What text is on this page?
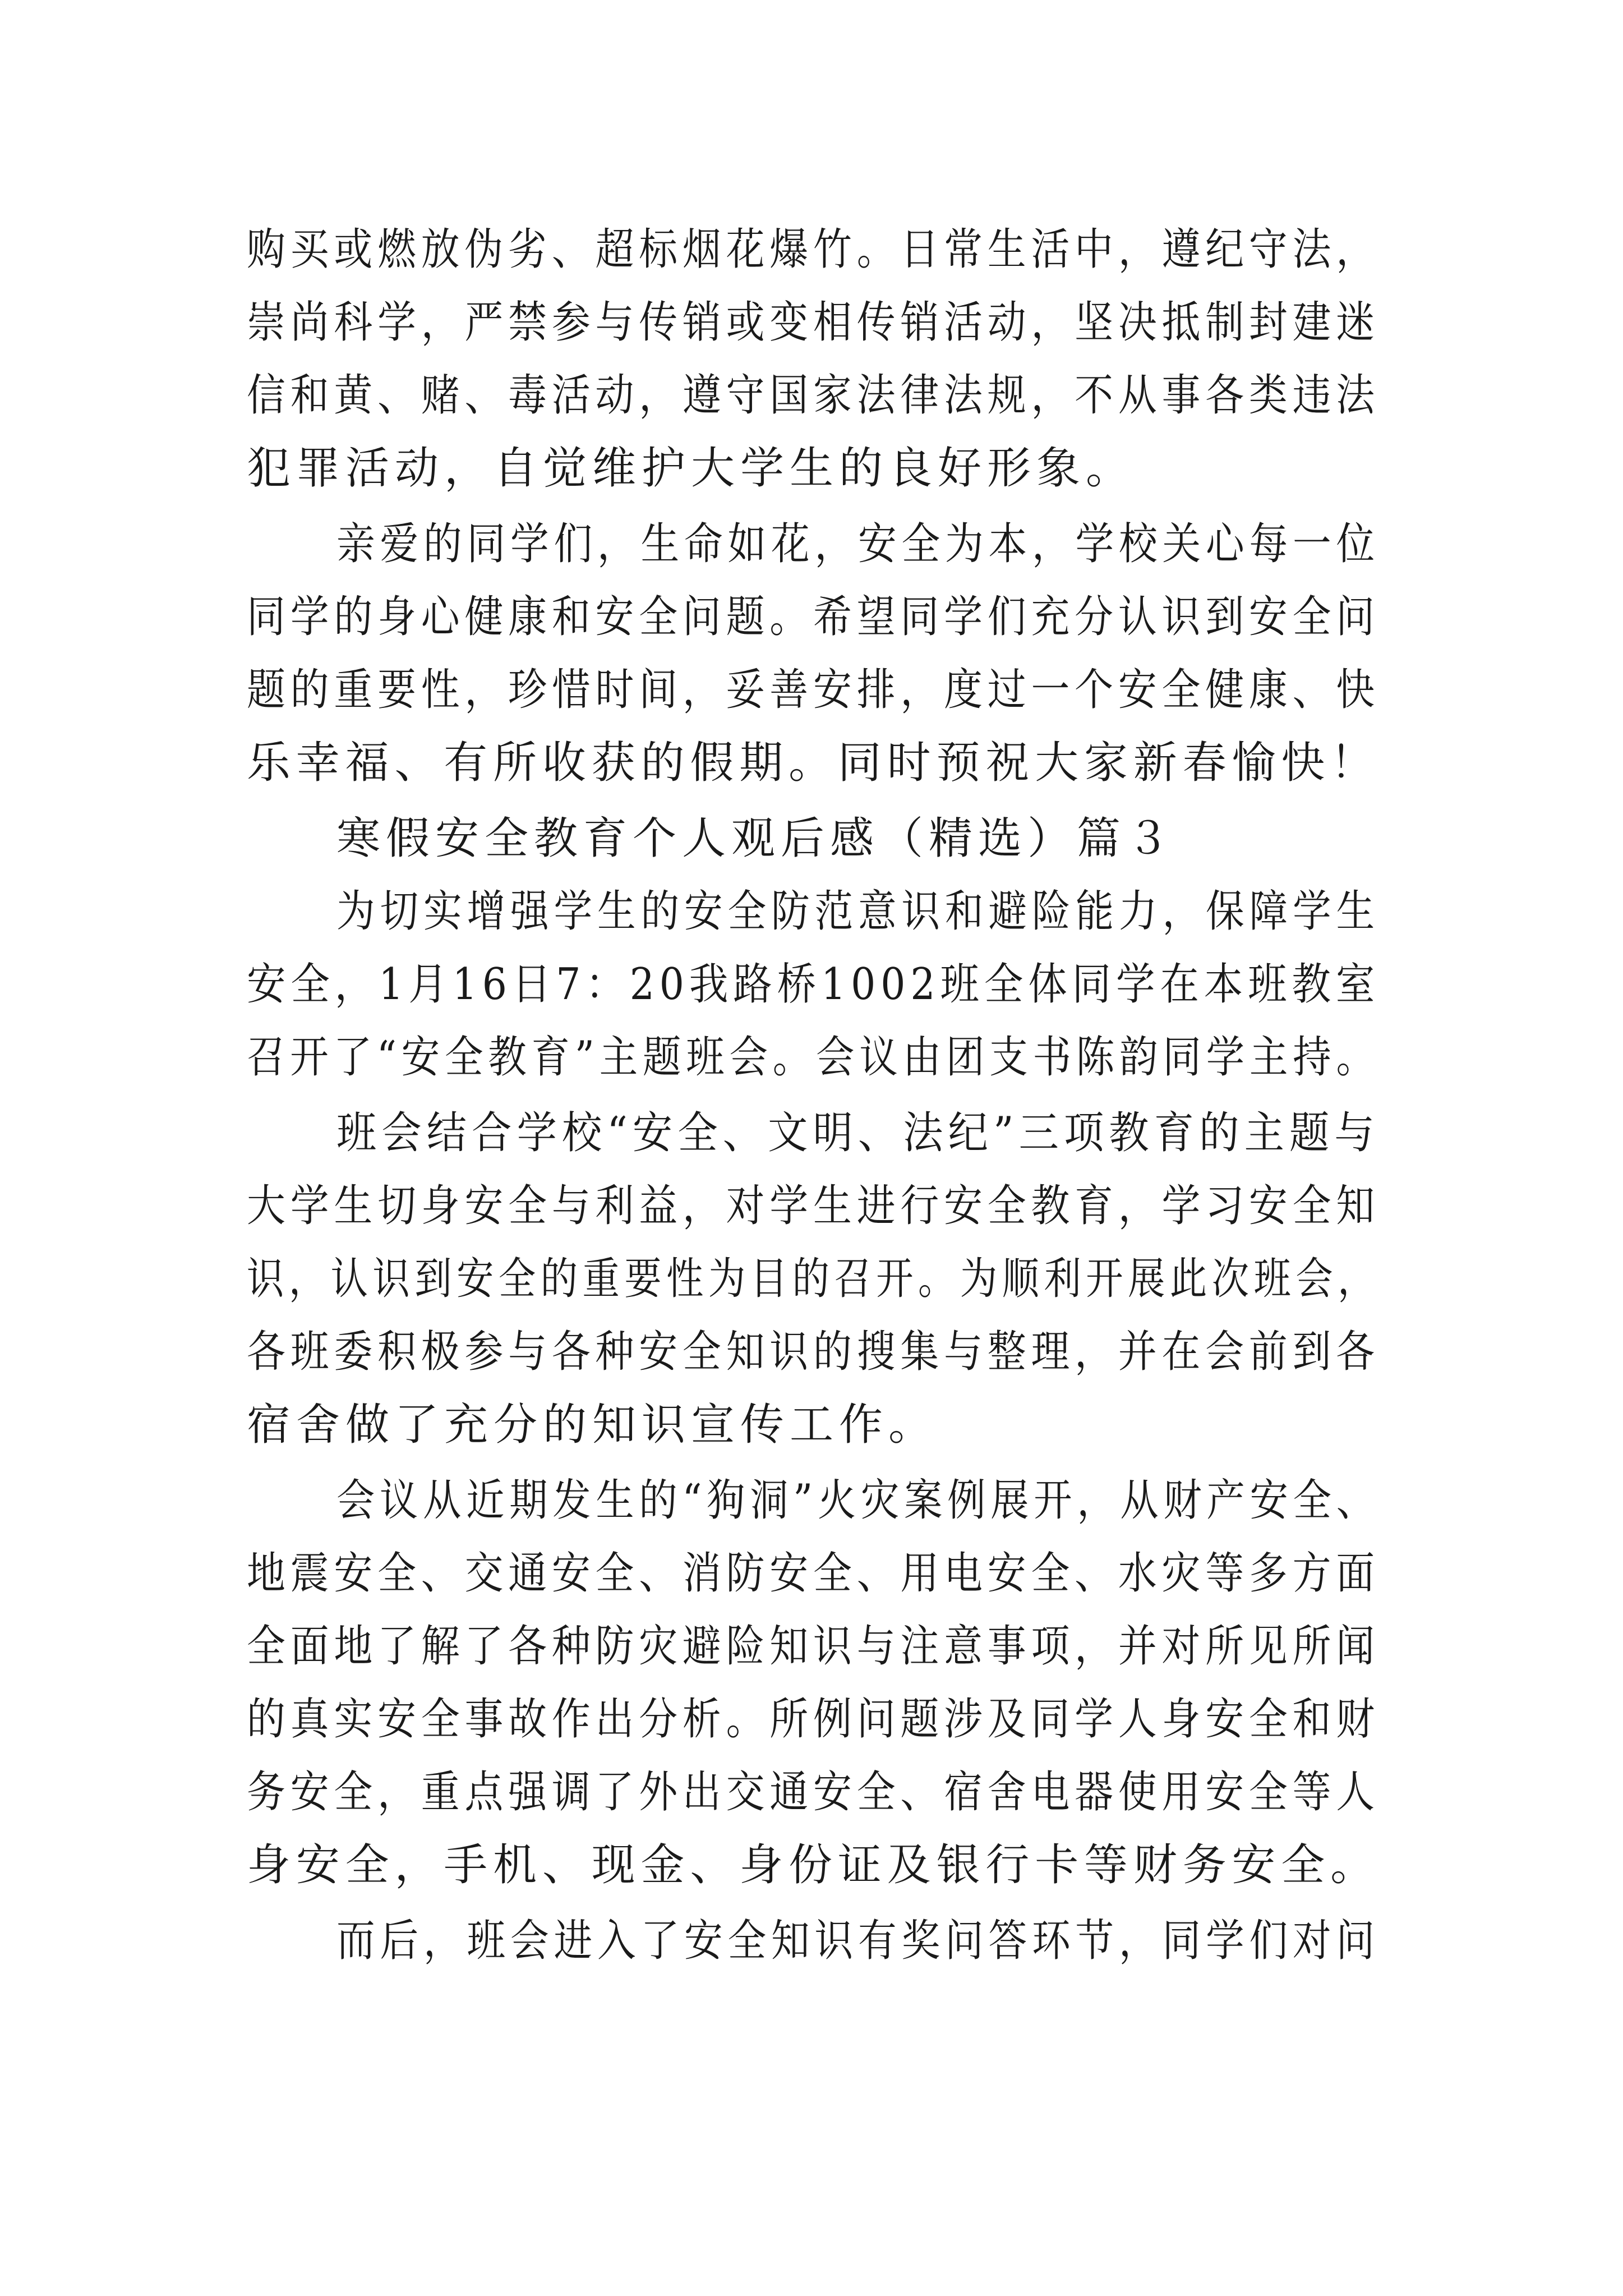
购买或燃放伪劣、超标烟花爆竹。日常生活中，遵纪守法，
崇尚科学，严禁参与传销或变相传销活动，坚决抵制封建迷
信和黄、赌、毒活动，遵守国家法律法规，不从事各类违法
犯罪活动，自觉维护大学生的良好形象。
亲爱的同学们，生命如花，安全为本，学校关心每一位
同学的身心健康和安全问题。希望同学们充分认识到安全问
题的重要性，珍惜时间，妥善安排，度过一个安全健康、快
乐幸福、有所收获的假期。同时预祝大家新春愉快！
寒假安全教育个人观后感（精选）篇３
为切实增强学生的安全防范意识和避险能力，保障学生
安全，1月16日7：20我路桥1002班全体同学在本班教室
召开了“安全教育”主题班会。会议由团支书陈韵同学主持。
班会结合学校“安全、文明、法纪”三项教育的主题与
大学生切身安全与利益，对学生进行安全教育，学习安全知
识，认识到安全的重要性为目的召开。为顺利开展此次班会，
各班委积极参与各种安全知识的搜集与整理，并在会前到各
宿舍做了充分的知识宣传工作。
会议从近期发生的“狗洞”火灾案例展开，从财产安全、
地震安全、交通安全、消防安全、用电安全、水灾等多方面
全面地了解了各种防灾避险知识与注意事项，并对所见所闻
的真实安全事故作出分析。所例问题涉及同学人身安全和财
务安全，重点强调了外出交通安全、宿舍电器使用安全等人
身安全，手机、现金、身份证及银行卡等财务安全。
而后，班会进入了安全知识有奖问答环节，同学们对问
